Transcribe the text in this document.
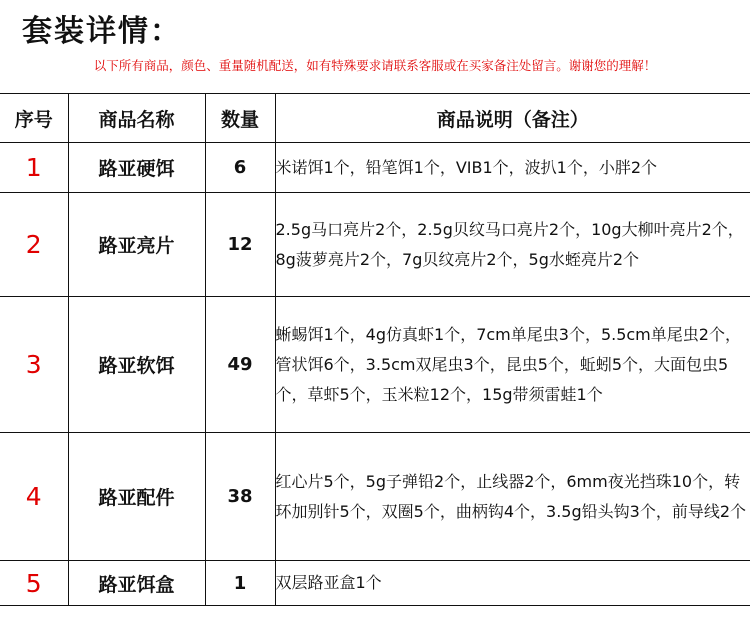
套装详情：
以下所有商品，颜色、重量随机配送，如有特殊要求请联系客服或在买家备注处留言。谢谢您的理解！
序号	商品名称	数量	商品说明（备注）
1	路亚硬饵	6	米诺饵1个，铅笔饵1个，VIB1个，波扒1个，小胖2个
2	路亚亮片	12	2.5g马口亮片2个，2.5g贝纹马口亮片2个，10g大柳叶亮片2个，8g菠萝亮片2个，7g贝纹亮片2个，5g水蛭亮片2个
3	路亚软饵	49	蜥蜴饵1个，4g仿真虾1个，7cm单尾虫3个，5.5cm单尾虫2个，管状饵6个，3.5cm双尾虫3个，昆虫5个，蚯蚓5个，大面包虫5个，草虾5个，玉米粒12个，15g带须雷蛙1个
4	路亚配件	38	红心片5个，5g子弹铅2个，止线器2个，6mm夜光挡珠10个，转环加别针5个，双圈5个，曲柄钩4个，3.5g铅头钩3个，前导线2个
5	路亚饵盒	1	双层路亚盒1个
